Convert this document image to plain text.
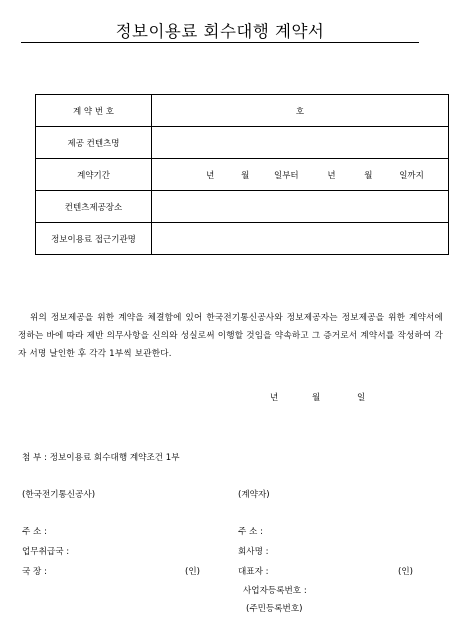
정보이용료 회수대행 계약서
계 약 번 호	호
제공 컨텐츠명	
계약기간	년 월 일부터 년 월 일까지
컨텐츠제공장소	
정보이용료 접근기관명	
위의 정보제공을 위한 계약을 체결함에 있어 한국전기통신공사와 정보제공자는 정보제공을 위한 계약서에 정하는 바에 따라 제반 의무사항을 신의와 성실로써 이행할 것임을 약속하고 그 증거로서 계약서를 작성하여 각자 서명 날인한 후 각각 1부씩 보관한다.
년	월	일
첨 부 : 정보이용료 회수대행 계약조건 1부
(한국전기통신공사)
주 소 :
업무취급국 :
국 장 :	(인)
(계약자)
주 소 :
회사명 :
대표자 :	(인)
사업자등록번호 :
(주민등록번호)
